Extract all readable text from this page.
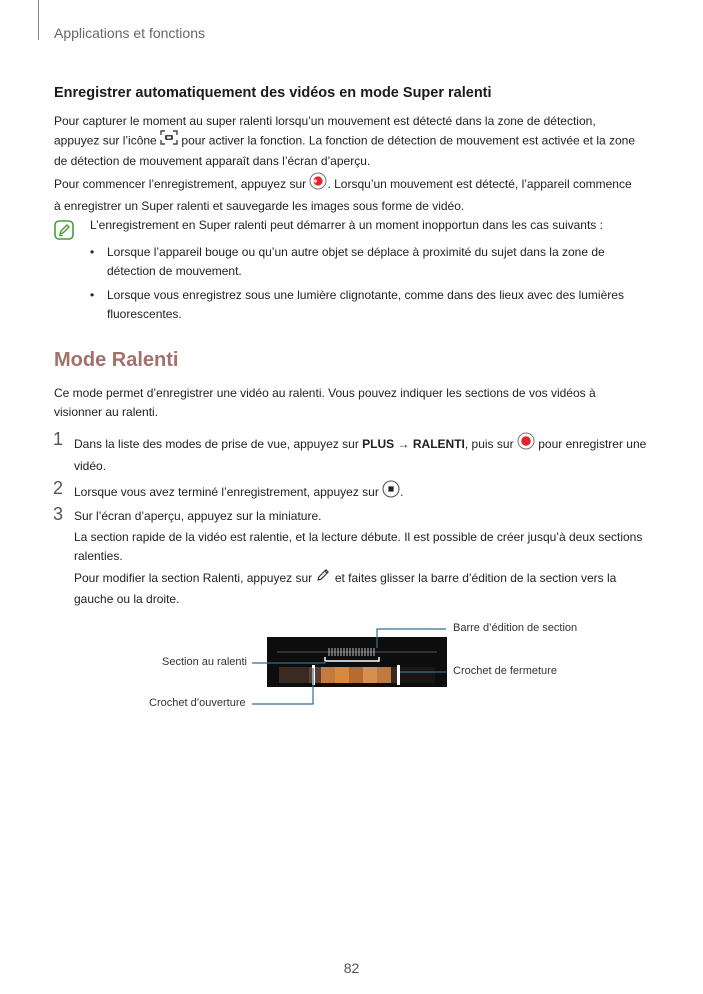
Applications et fonctions
Enregistrer automatiquement des vidéos en mode Super ralenti
Pour capturer le moment au super ralenti lorsqu’un mouvement est détecté dans la zone de détection,
appuyez sur l’icône pour activer la fonction. La fonction de détection de mouvement est activée et la zone
de détection de mouvement apparaît dans l’écran d’aperçu.
Pour commencer l’enregistrement, appuyez sur . Lorsqu’un mouvement est détecté, l’appareil commence
à enregistrer un Super ralenti et sauvegarde les images sous forme de vidéo.
L’enregistrement en Super ralenti peut démarrer à un moment inopportun dans les cas suivants :
• Lorsque l’appareil bouge ou qu’un autre objet se déplace à proximité du sujet dans la zone de
détection de mouvement.
• Lorsque vous enregistrez sous une lumière clignotante, comme dans des lieux avec des lumières
fluorescentes.
Mode Ralenti
Ce mode permet d’enregistrer une vidéo au ralenti. Vous pouvez indiquer les sections de vos vidéos à
visionner au ralenti.
1 Dans la liste des modes de prise de vue, appuyez sur PLUS → RALENTI, puis sur pour enregistrer une
vidéo.
2 Lorsque vous avez terminé l’enregistrement, appuyez sur .
3 Sur l’écran d’aperçu, appuyez sur la miniature.
La section rapide de la vidéo est ralentie, et la lecture débute. Il est possible de créer jusqu’à deux sections
ralenties.
Pour modifier la section Ralenti, appuyez sur et faites glisser la barre d’édition de la section vers la
gauche ou la droite.
Barre d’édition de section
Section au ralenti
Crochet de fermeture
Crochet d’ouverture
82
